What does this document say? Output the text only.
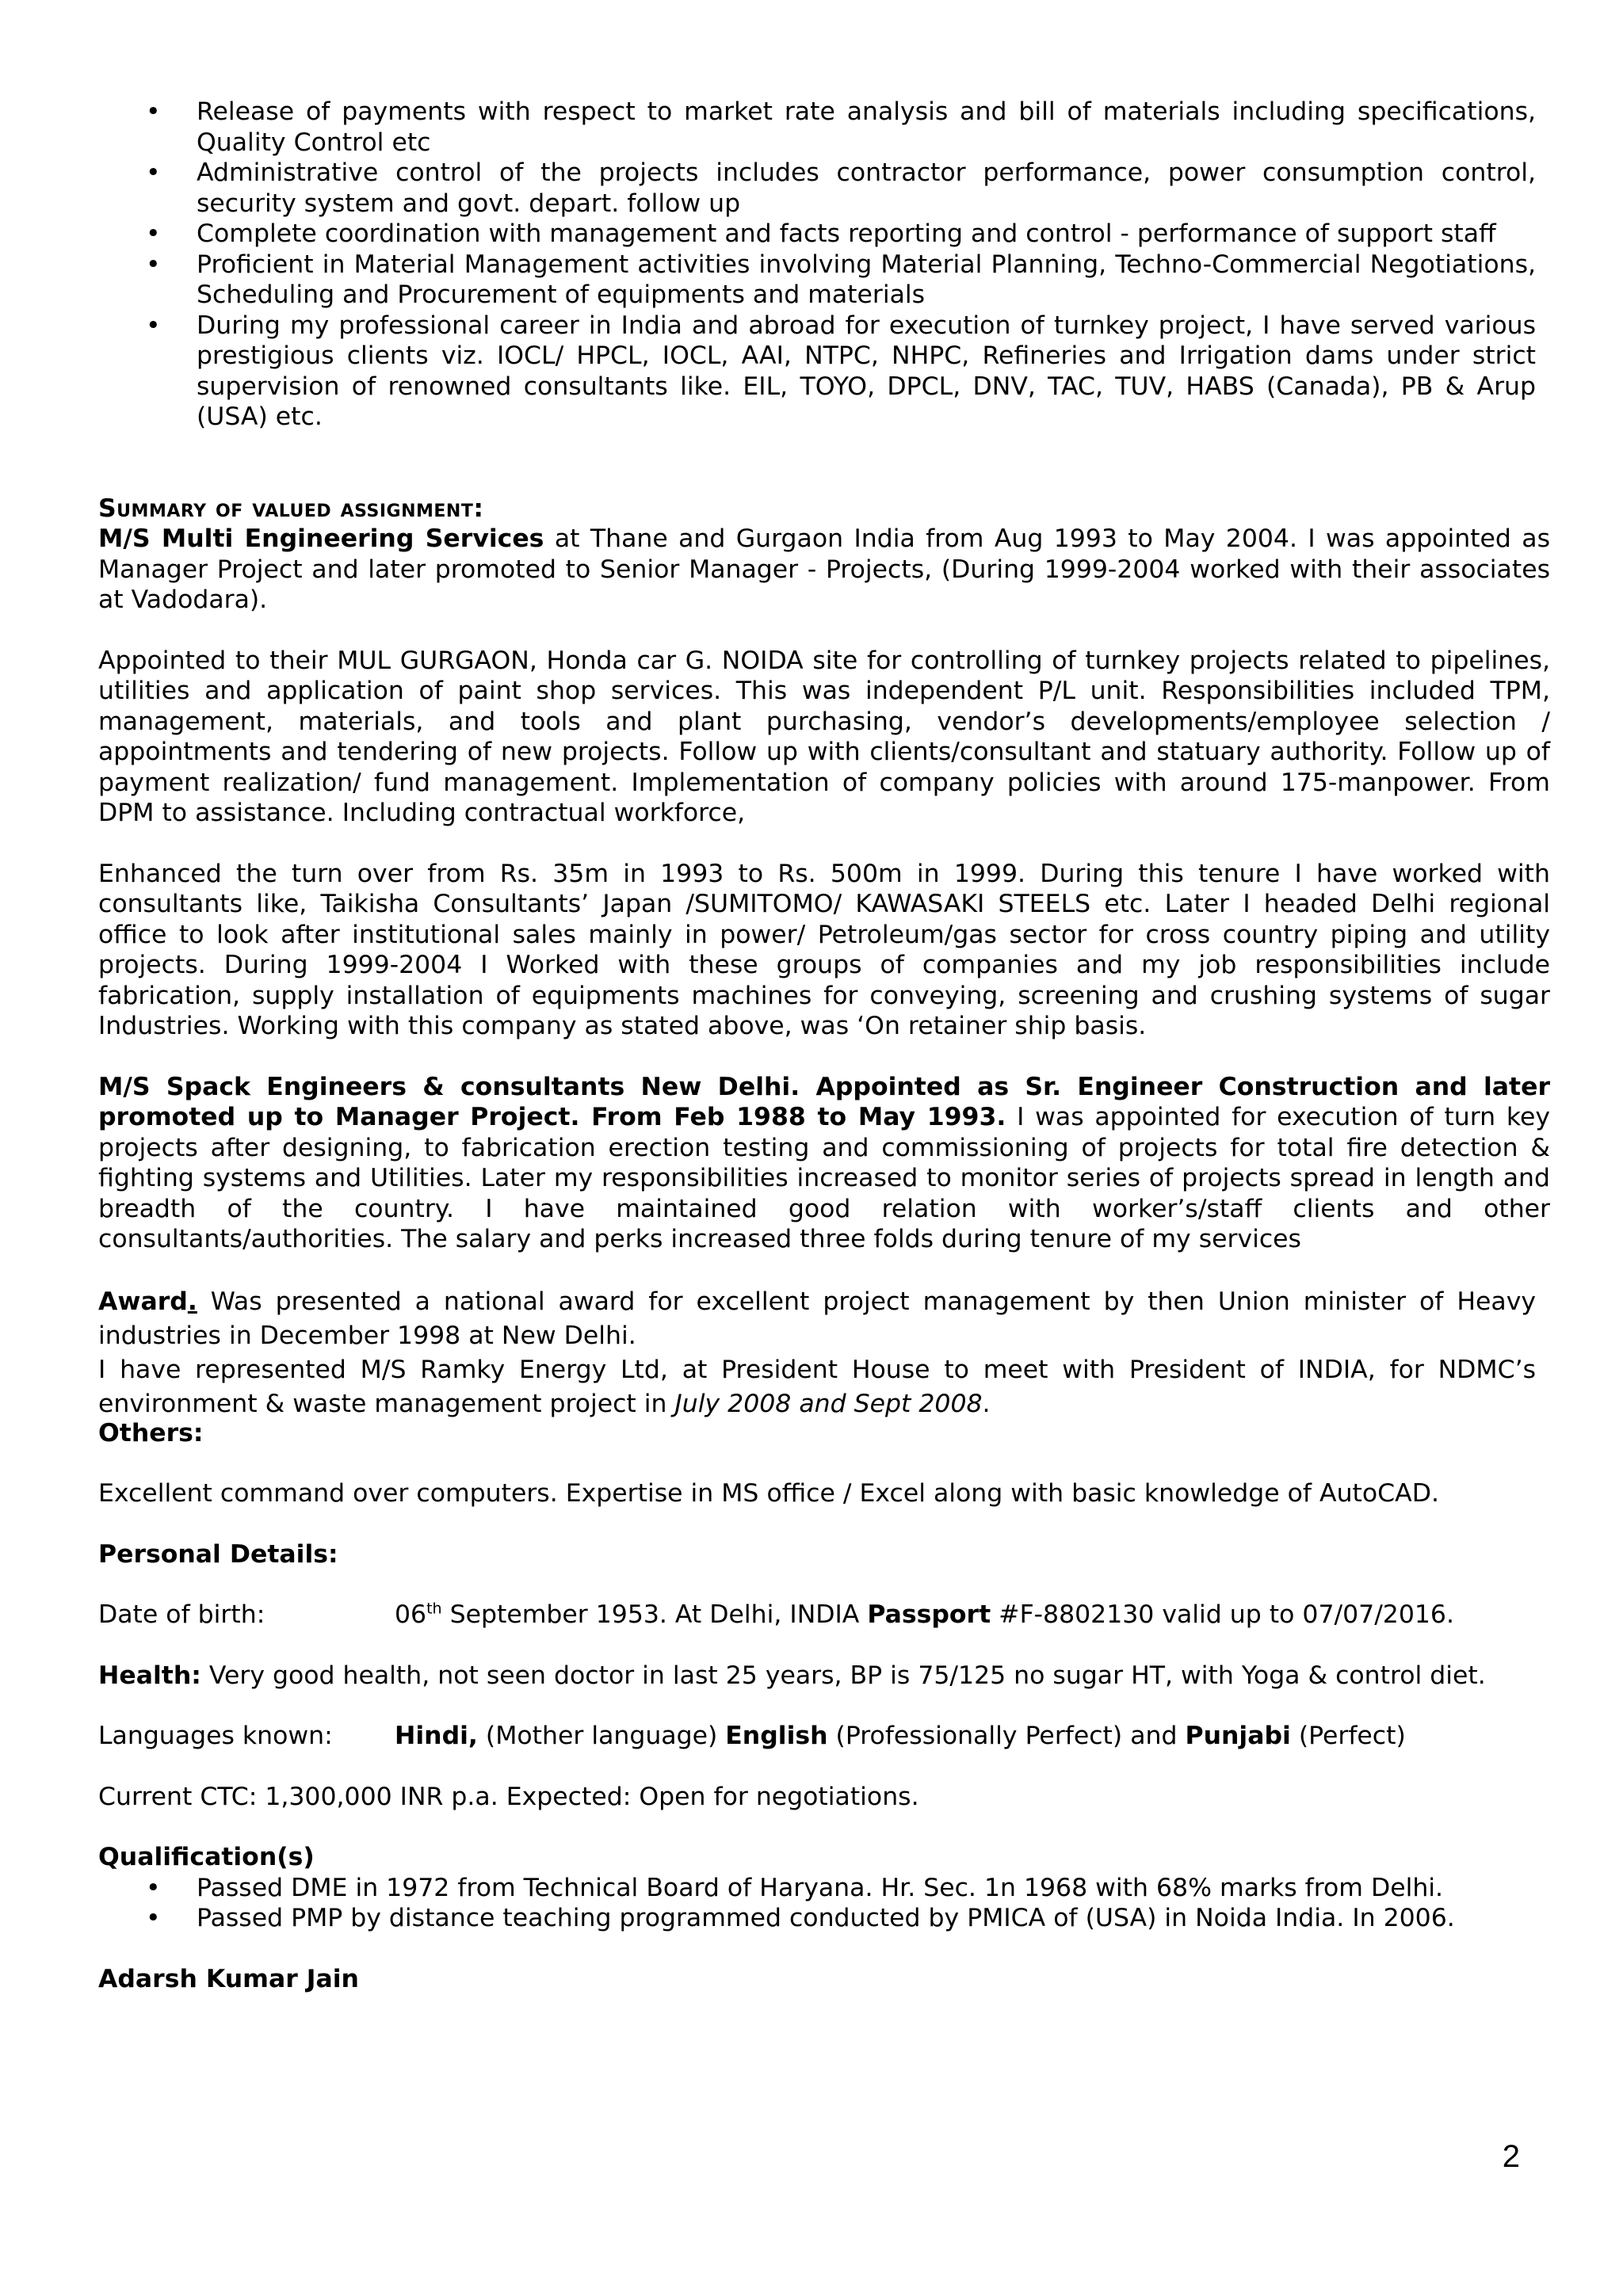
• Release of payments with respect to market rate analysis and bill of materials including specifications, Quality Control etc
• Administrative control of the projects includes contractor performance, power consumption control, security system and govt. depart. follow up
• Complete coordination with management and facts reporting and control - performance of support staff
• Proficient in Material Management activities involving Material Planning, Techno-Commercial Negotiations, Scheduling and Procurement of equipments and materials
• During my professional career in India and abroad for execution of turnkey project, I have served various prestigious clients viz. IOCL/ HPCL, IOCL, AAI, NTPC, NHPC, Refineries and Irrigation dams under strict supervision of renowned consultants like. EIL, TOYO, DPCL, DNV, TAC, TUV, HABS (Canada), PB & Arup (USA) etc.
Summary of valued assignment:

M/S Multi Engineering Services at Thane and Gurgaon India from Aug 1993 to May 2004. I was appointed as Manager Project and later promoted to Senior Manager - Projects, (During 1999-2004 worked with their associates at Vadodara).

Appointed to their MUL GURGAON, Honda car G. NOIDA site for controlling of turnkey projects related to pipelines, utilities and application of paint shop services. This was independent P/L unit. Responsibilities included TPM, management, materials, and tools and plant purchasing, vendor’s developments/employee selection / appointments and tendering of new projects. Follow up with clients/consultant and statuary authority. Follow up of payment realization/ fund management. Implementation of company policies with around 175-manpower. From DPM to assistance. Including contractual workforce,

Enhanced the turn over from Rs. 35m in 1993 to Rs. 500m in 1999. During this tenure I have worked with consultants like, Taikisha Consultants’ Japan /SUMITOMO/ KAWASAKI STEELS etc. Later I headed Delhi regional office to look after institutional sales mainly in power/ Petroleum/gas sector for cross country piping and utility projects. During 1999-2004 I Worked with these groups of companies and my job responsibilities include fabrication, supply installation of equipments machines for conveying, screening and crushing systems of sugar Industries. Working with this company as stated above, was ‘On retainer ship basis.

M/S Spack Engineers & consultants New Delhi. Appointed as Sr. Engineer Construction and later promoted up to Manager Project. From Feb 1988 to May 1993. I was appointed for execution of turn key projects after designing, to fabrication erection testing and commissioning of projects for total fire detection & fighting systems and Utilities. Later my responsibilities increased to monitor series of projects spread in length and breadth of the country. I have maintained good relation with worker’s/staff clients and other consultants/authorities. The salary and perks increased three folds during tenure of my services

Award. Was presented a national award for excellent project management by then Union minister of Heavy industries in December 1998 at New Delhi.

I have represented M/S Ramky Energy Ltd, at President House to meet with President of INDIA, for NDMC’s environment & waste management project in July 2008 and Sept 2008.

Others:

Excellent command over computers. Expertise in MS office / Excel along with basic knowledge of AutoCAD.

Personal Details:

Date of birth:	06th September 1953. At Delhi, INDIA Passport #F-8802130 valid up to 07/07/2016.

Health: Very good health, not seen doctor in last 25 years, BP is 75/125 no sugar HT, with Yoga & control diet.

Languages known: Hindi, (Mother language) English (Professionally Perfect) and Punjabi (Perfect)

Current CTC: 1,300,000 INR p.a. Expected: Open for negotiations.

Qualification(s)

• Passed DME in 1972 from Technical Board of Haryana. Hr. Sec. 1n 1968 with 68% marks from Delhi.
• Passed PMP by distance teaching programmed conducted by PMICA of (USA) in Noida India. In 2006.

Adarsh Kumar Jain

2
